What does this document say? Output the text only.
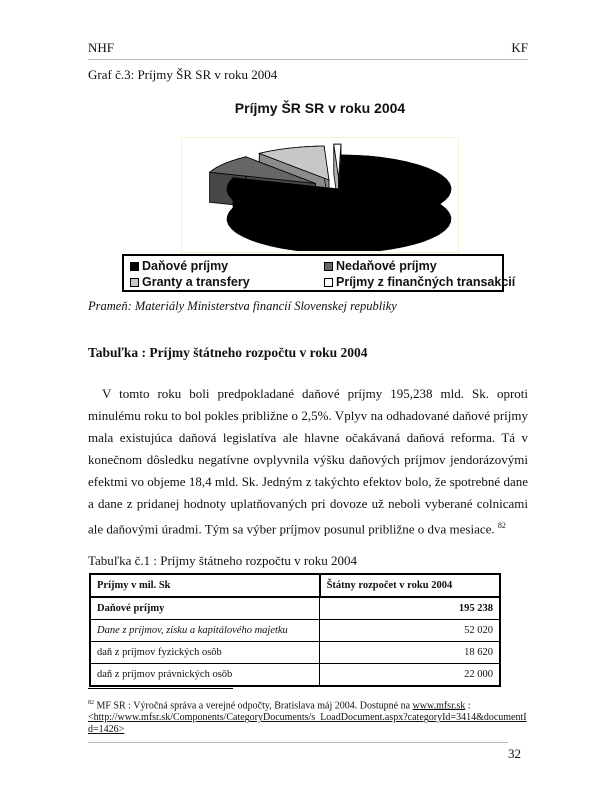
NHF	KF
Graf č.3: Príjmy ŠR SR v roku 2004
Príjmy ŠR SR v roku 2004
Daňové príjmy	Nedaňové príjmy
Granty a transfery	Príjmy z finančných transakcií
Prameň: Materiály Ministerstva financií Slovenskej republiky
Tabuľka : Príjmy štátneho rozpočtu v roku 2004
V tomto roku boli predpokladané daňové príjmy 195,238 mld. Sk. oproti minulému roku to bol pokles približne o 2,5%. Vplyv na odhadované daňové príjmy mala existujúca daňová legislatíva ale hlavne očakávaná daňová reforma. Tá v konečnom dôsledku negatívne ovplyvnila výšku daňových príjmov jendorázovými efektmi vo objeme 18,4 mld. Sk. Jedným z takýchto efektov bolo, že spotrebné dane a dane z pridanej hodnoty uplatňovaných pri dovoze už neboli vyberané colnicami ale daňovými úradmi. Tým sa výber príjmov posunul približne o dva mesiace. $^{82}$
Tabuľka č.1 : Príjmy štátneho rozpočtu v roku 2004
Príjmy v mil. Sk	Štátny rozpočet v roku 2004
Daňové príjmy	195 238
Dane z príjmov, zisku a kapitálového majetku	52 020
daň z príjmov fyzických osôb	18 620
daň z príjmov právnických osôb	22 000
$^{82}$ MF SR : Výročná správa a verejné odpočty, Bratislava máj 2004. Dostupné na www.mfsr.sk :
<http://www.mfsr.sk/Components/CategoryDocuments/s_LoadDocument.aspx?categoryId=3414&documentId=1426>
32
